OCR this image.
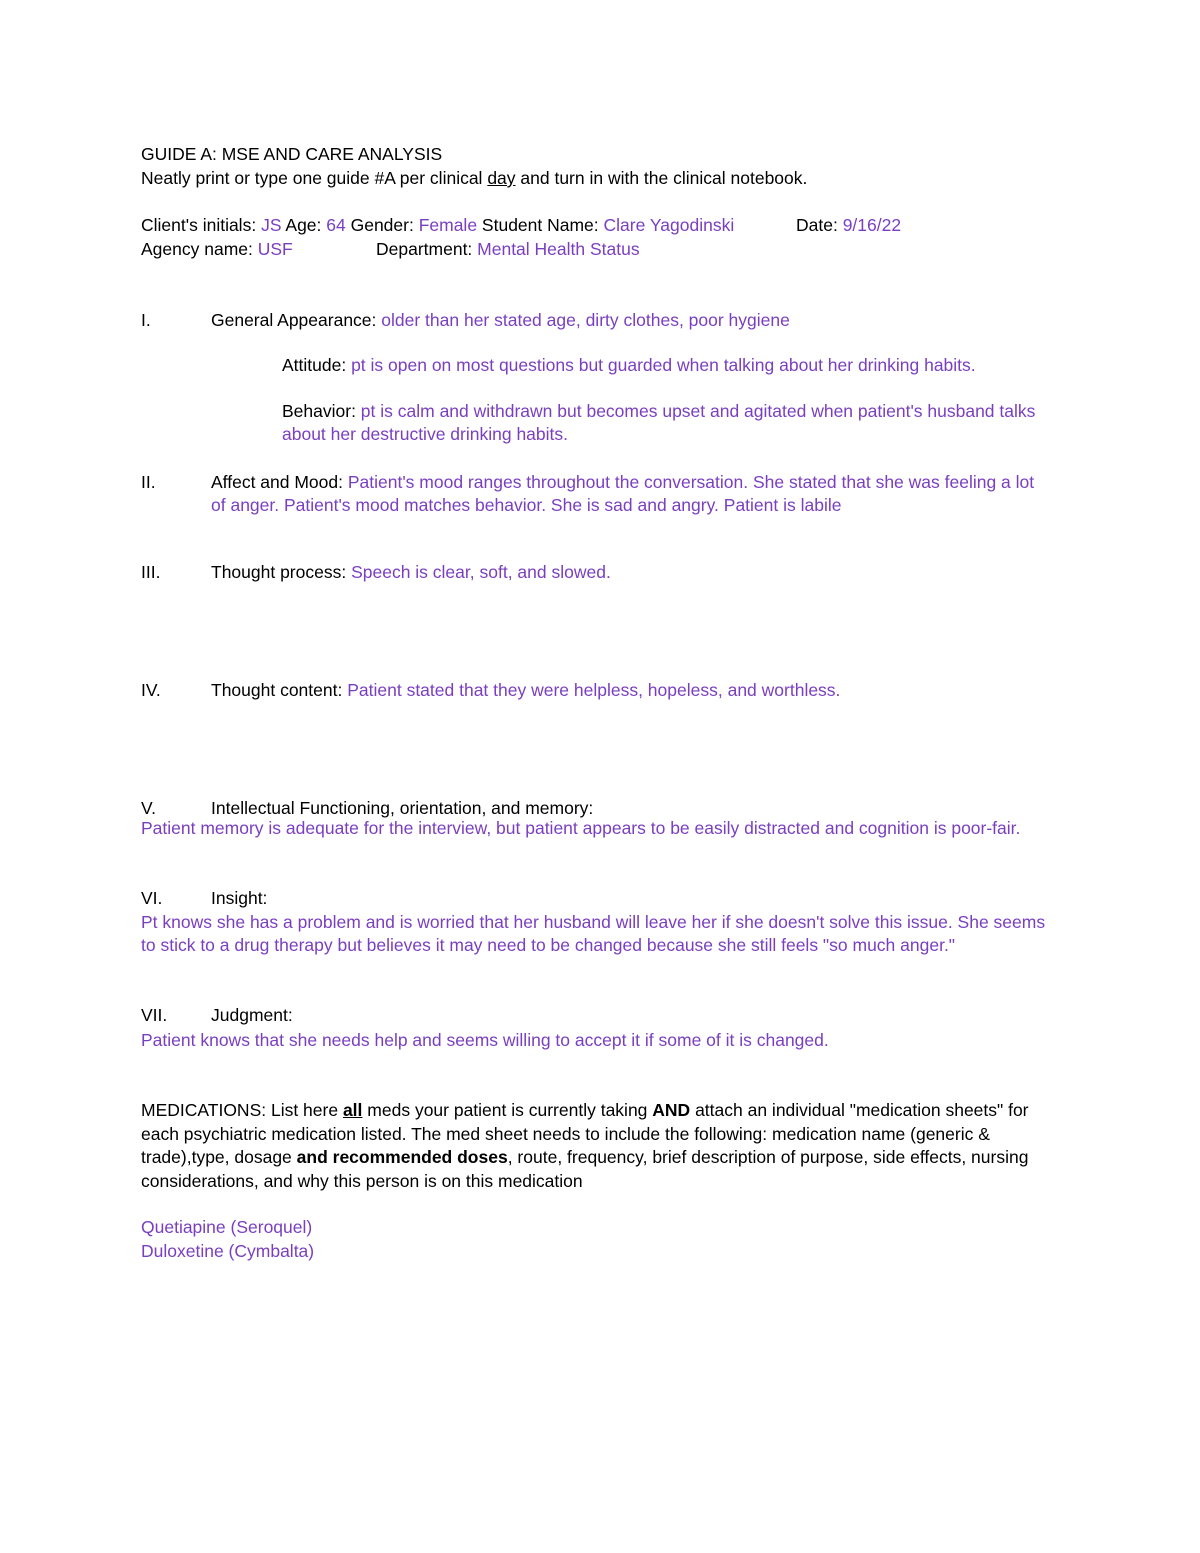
GUIDE A: MSE AND CARE ANALYSIS
Neatly print or type one guide #A per clinical day and turn in with the clinical notebook.
Client's initials: JS Age: 64 Gender: Female Student Name: Clare Yagodinski	Date: 9/16/22
Agency name: USF	Department: Mental Health Status
I.	General Appearance: older than her stated age, dirty clothes, poor hygiene
Attitude: pt is open on most questions but guarded when talking about her drinking habits.
Behavior: pt is calm and withdrawn but becomes upset and agitated when patient's husband talks
about her destructive drinking habits.
II.	Affect and Mood: Patient's mood ranges throughout the conversation. She stated that she was feeling a lot
of anger. Patient's mood matches behavior. She is sad and angry. Patient is labile
III.	Thought process: Speech is clear, soft, and slowed.
IV.	Thought content: Patient stated that they were helpless, hopeless, and worthless.
V.	Intellectual Functioning, orientation, and memory:
Patient memory is adequate for the interview, but patient appears to be easily distracted and cognition is poor-fair.
VI.	Insight:
Pt knows she has a problem and is worried that her husband will leave her if she doesn't solve this issue. She seems
to stick to a drug therapy but believes it may need to be changed because she still feels "so much anger."
VII. Judgment:
Patient knows that she needs help and seems willing to accept it if some of it is changed.
MEDICATIONS: List here all meds your patient is currently taking AND attach an individual "medication sheets" for
each psychiatric medication listed. The med sheet needs to include the following: medication name (generic &
trade),type, dosage and recommended doses, route, frequency, brief description of purpose, side effects, nursing
considerations, and why this person is on this medication
Quetiapine (Seroquel)
Duloxetine (Cymbalta)
